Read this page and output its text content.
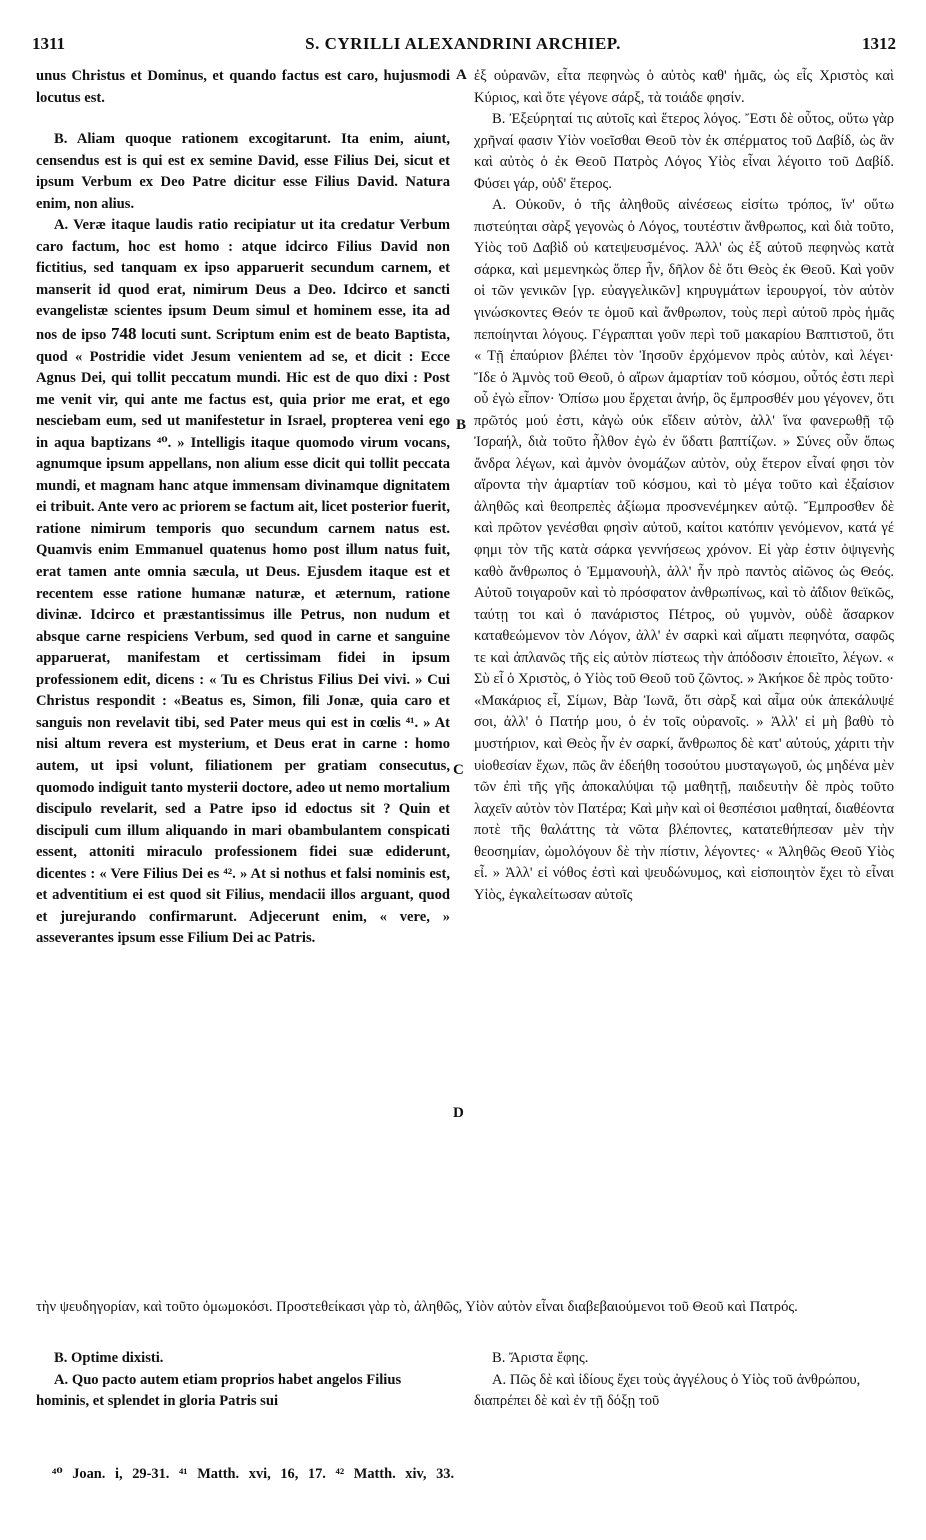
1311	S. CYRILLI ALEXANDRINI ARCHIEP.	1312

unus Christus et Dominus, et quando factus est caro, hujusmodi locutus est.

B. Aliam quoque rationem excogitarunt. Ita enim, aiunt, censendus est is qui est ex semine David, esse Filius Dei, sicut et ipsum Verbum ex Deo Patre dicitur esse Filius David. Natura enim, non alius.

A. Veræ itaque laudis ratio recipiatur ut ita credatur Verbum caro factum, hoc est homo : atque idcirco Filius David non fictitius, sed tanquam ex ipso apparuerit secundum carnem, et manserit id quod erat, nimirum Deus a Deo. Idcirco et sancti evangelistæ scientes ipsum Deum simul et hominem esse, ita ad nos de ipso 748 locuti sunt. Scriptum enim est de beato Baptista, quod « Postridie videt Jesum venientem ad se, et dicit : Ecce Agnus Dei, qui tollit peccatum mundi. Hic est de quo dixi : Post me venit vir, qui ante me factus est, quia prior me erat, et ego nesciebam eum, sed ut manifestetur in Israel, propterea veni ego in aqua baptizans ⁴⁰. » Intelligis itaque quomodo virum vocans, agnumque ipsum appellans, non alium esse dicit qui tollit peccata mundi, et magnam hanc atque immensam divinamque dignitatem ei tribuit. Ante vero ac priorem se factum ait, licet posterior fuerit, ratione nimirum temporis quo secundum carnem natus est. Quamvis enim Emmanuel quatenus homo post illum natus fuit, erat tamen ante omnia sæcula, ut Deus. Ejusdem itaque est et recentem esse ratione humanæ naturæ, et æternum, ratione divinæ. Idcirco et præstantissimus ille Petrus, non nudum et absque carne respiciens Verbum, sed quod in carne et sanguine apparuerat, manifestam et certissimam fidei in ipsum professionem edit, dicens : « Tu es Christus Filius Dei vivi. » Cui Christus respondit : «Beatus es, Simon, fili Jonæ, quia caro et sanguis non revelavit tibi, sed Pater meus qui est in cœlis ⁴¹. » At nisi altum revera est mysterium, et Deus erat in carne : homo autem, ut ipsi volunt, filiationem per gratiam consecutus, quomodo indiguit tanto mysterii doctore, adeo ut nemo mortalium discipulo revelarit, sed a Patre ipso id edoctus sit ? Quin et discipuli cum illum aliquando in mari obambulantem conspicati essent, attoniti miraculo professionem fidei suæ ediderunt, dicentes : « Vere Filius Dei es ⁴². » At si nothus et falsi nominis est, et adventitium ei est quod sit Filius, mendacii illos arguant, quod et jurejurando confirmarunt. Adjecerunt enim, « vere, » asseverantes ipsum esse Filium Dei ac Patris.

A
B
C
D

ἐξ οὐρανῶν, εἶτα πεφηνὼς ὁ αὐτὸς καθ' ἡμᾶς, ὡς εἷς Χριστὸς καὶ Κύριος, καὶ ὅτε γέγονε σάρξ, τὰ τοιάδε φησίν.

B. Ἐξεύρηταί τις αὐτοῖς καὶ ἕτερος λόγος. Ἔστι δὲ οὗτος, οὕτω γὰρ χρῆναί φασιν Υἱὸν νοεῖσθαι Θεοῦ τὸν ἐκ σπέρματος τοῦ Δαβίδ, ὡς ἂν καὶ αὐτὸς ὁ ἐκ Θεοῦ Πατρὸς Λόγος Υἱὸς εἶναι λέγοιτο τοῦ Δαβίδ. Φύσει γάρ, οὐδ' ἕτερος.

A. Οὐκοῦν, ὁ τῆς ἀληθοῦς αἰνέσεως εἰσίτω τρόπος, ἵν' οὕτω πιστεύηται σὰρξ γεγονὼς ὁ Λόγος, τουτέστιν ἄνθρωπος, καὶ διὰ τοῦτο, Υἱὸς τοῦ Δαβὶδ οὐ κατεψευσμένος. Ἀλλ' ὡς ἐξ αὐτοῦ πεφηνὼς κατὰ σάρκα, καὶ μεμενηκὼς ὅπερ ἦν, δῆλον δὲ ὅτι Θεὸς ἐκ Θεοῦ. Καὶ γοῦν οἱ τῶν γενικῶν [γρ. εὐαγγελικῶν] κηρυγμάτων ἱερουργοί, τὸν αὐτὸν γινώσκοντες Θεόν τε ὁμοῦ καὶ ἄνθρωπον, τοὺς περὶ αὐτοῦ πρὸς ἡμᾶς πεποίηνται λόγους. Γέγραπται γοῦν περὶ τοῦ μακαρίου Βαπτιστοῦ, ὅτι « Τῇ ἐπαύριον βλέπει τὸν Ἰησοῦν ἐρχόμενον πρὸς αὐτὸν, καὶ λέγει· Ἴδε ὁ Ἀμνὸς τοῦ Θεοῦ, ὁ αἴρων ἁμαρτίαν τοῦ κόσμου, οὗτός ἐστι περὶ οὗ ἐγὼ εἶπον· Ὀπίσω μου ἔρχεται ἀνήρ, ὃς ἔμπροσθέν μου γέγονεν, ὅτι πρῶτός μού ἐστι, κἀγὼ οὐκ εἴδειν αὐτὸν, ἀλλ' ἵνα φανερωθῇ τῷ Ἰσραήλ, διὰ τοῦτο ἦλθον ἐγὼ ἐν ὕδατι βαπτίζων. » Σύνες οὖν ὅπως ἄνδρα λέγων, καὶ ἀμνὸν ὀνομάζων αὐτὸν, οὐχ ἕτερον εἶναί φησι τὸν αἴροντα τὴν ἁμαρτίαν τοῦ κόσμου, καὶ τὸ μέγα τοῦτο καὶ ἐξαίσιον ἀληθῶς καὶ θεοπρεπὲς ἀξίωμα προσνενέμηκεν αὐτῷ. Ἔμπροσθεν δὲ καὶ πρῶτον γενέσθαι φησὶν αὐτοῦ, καίτοι κατόπιν γενόμενον, κατά γέ φημι τὸν τῆς κατὰ σάρκα γεννήσεως χρόνον. Εἰ γὰρ ἐστιν ὀψιγενὴς καθὸ ἄνθρωπος ὁ Ἐμμανουὴλ, ἀλλ' ἦν πρὸ παντὸς αἰῶνος ὡς Θεός. Αὐτοῦ τοιγαροῦν καὶ τὸ πρόσφατον ἀνθρωπίνως, καὶ τὸ ἀΐδιον θεϊκῶς, ταύτῃ τοι καὶ ὁ πανάριστος Πέτρος, οὐ γυμνὸν, οὐδὲ ἄσαρκον καταθεώμενον τὸν Λόγον, ἀλλ' ἐν σαρκὶ καὶ αἵματι πεφηνότα, σαφῶς τε καὶ ἀπλανῶς τῆς εἰς αὐτὸν πίστεως τὴν ἀπόδοσιν ἐποιεῖτο, λέγων. « Σὺ εἶ ὁ Χριστὸς, ὁ Υἱὸς τοῦ Θεοῦ τοῦ ζῶντος. » Ἀκήκοε δὲ πρὸς τοῦτο· «Μακάριος εἶ, Σίμων, Βὰρ Ἰωνᾶ, ὅτι σὰρξ καὶ αἷμα οὐκ ἀπεκάλυψέ σοι, ἀλλ' ὁ Πατήρ μου, ὁ ἐν τοῖς οὐρανοῖς. » Ἀλλ' εἰ μὴ βαθὺ τὸ μυστήριον, καὶ Θεὸς ἦν ἐν σαρκί, ἄνθρωπος δὲ κατ' αὐτούς, χάριτι τὴν υἱοθεσίαν ἔχων, πῶς ἂν ἐδεήθη τοσούτου μυσταγωγοῦ, ὡς μηδένα μὲν τῶν ἐπὶ τῆς γῆς ἀποκαλύψαι τῷ μαθητῇ, παιδευτὴν δὲ πρὸς τοῦτο λαχεῖν αὐτὸν τὸν Πατέρα; Καὶ μὴν καὶ οἱ θεσπέσιοι μαθηταί, διαθέοντα ποτὲ τῆς θαλάττης τὰ νῶτα βλέποντες, κατατεθήπεσαν μὲν τὴν θεοσημίαν, ὡμολόγουν δὲ τὴν πίστιν, λέγοντες· « Ἀληθῶς Θεοῦ Υἱὸς εἶ. » Ἀλλ' εἰ νόθος ἐστὶ καὶ ψευδώνυμος, καὶ εἰσποιητὸν ἔχει τὸ εἶναι Υἱὸς, ἐγκαλείτωσαν αὐτοῖς

τὴν ψευδηγορίαν, καὶ τοῦτο ὀμωμοκόσι. Προστεθείκασι γὰρ τὸ, ἀληθῶς, Υἱὸν αὐτὸν εἶναι διαβεβαιούμενοι τοῦ Θεοῦ καὶ Πατρός.

B. Optime dixisti.

A. Quo pacto autem etiam proprios habet angelos Filius hominis, et splendet in gloria Patris sui

B. Ἄριστα ἔφης.

A. Πῶς δὲ καὶ ἰδίους ἔχει τοὺς ἀγγέλους ὁ Υἱὸς τοῦ ἀνθρώπου, διαπρέπει δὲ καὶ ἐν τῇ δόξῃ τοῦ

⁴⁰ Joan. i, 29-31. ⁴¹ Matth. xvi, 16, 17. ⁴² Matth. xiv, 33.
